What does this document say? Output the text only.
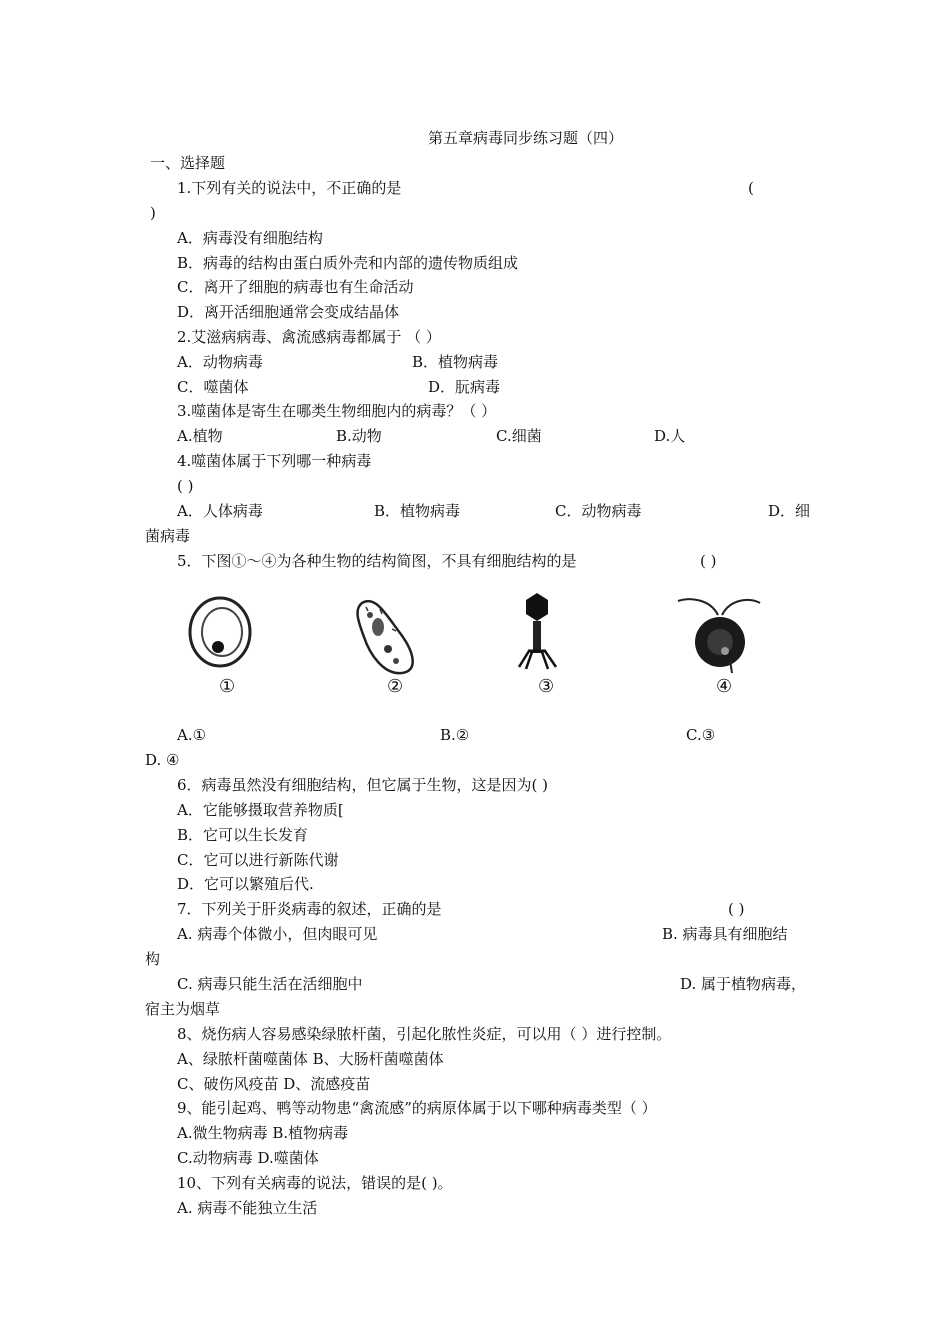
第五章病毒同步练习题（四）
一、选择题
1.下列有关的说法中，不正确的是	(
)
A．病毒没有细胞结构
B．病毒的结构由蛋白质外壳和内部的遗传物质组成
C．离开了细胞的病毒也有生命活动
D．离开活细胞通常会变成结晶体
2.艾滋病病毒、禽流感病毒都属于 （ ）
A．动物病毒	B．植物病毒
C．噬菌体	D．朊病毒
3.噬菌体是寄生在哪类生物细胞内的病毒？（ ）
A.植物	B.动物	C.细菌	D.人
4.噬菌体属于下列哪一种病毒
( )
A．人体病毒	B．植物病毒	C．动物病毒	D．细
菌病毒
5．下图①～④为各种生物的结构简图，不具有细胞结构的是	( )
①	②	③	④
A.①	B.②	C.③
D. ④
6．病毒虽然没有细胞结构，但它属于生物，这是因为( )
A．它能够摄取营养物质[
B．它可以生长发育
C．它可以进行新陈代谢
D．它可以繁殖后代.
7．下列关于肝炎病毒的叙述，正确的是	( )
A. 病毒个体微小，但肉眼可见	B. 病毒具有细胞结
构
C. 病毒只能生活在活细胞中	D. 属于植物病毒，
宿主为烟草
8、烧伤病人容易感染绿脓杆菌，引起化脓性炎症，可以用（ ）进行控制。
A、绿脓杆菌噬菌体 B、大肠杆菌噬菌体
C、破伤风疫苗 D、流感疫苗
9、能引起鸡、鸭等动物患“禽流感”的病原体属于以下哪种病毒类型（ ）
A.微生物病毒 B.植物病毒
C.动物病毒 D.噬菌体
10、下列有关病毒的说法，错误的是( )。
A. 病毒不能独立生活
